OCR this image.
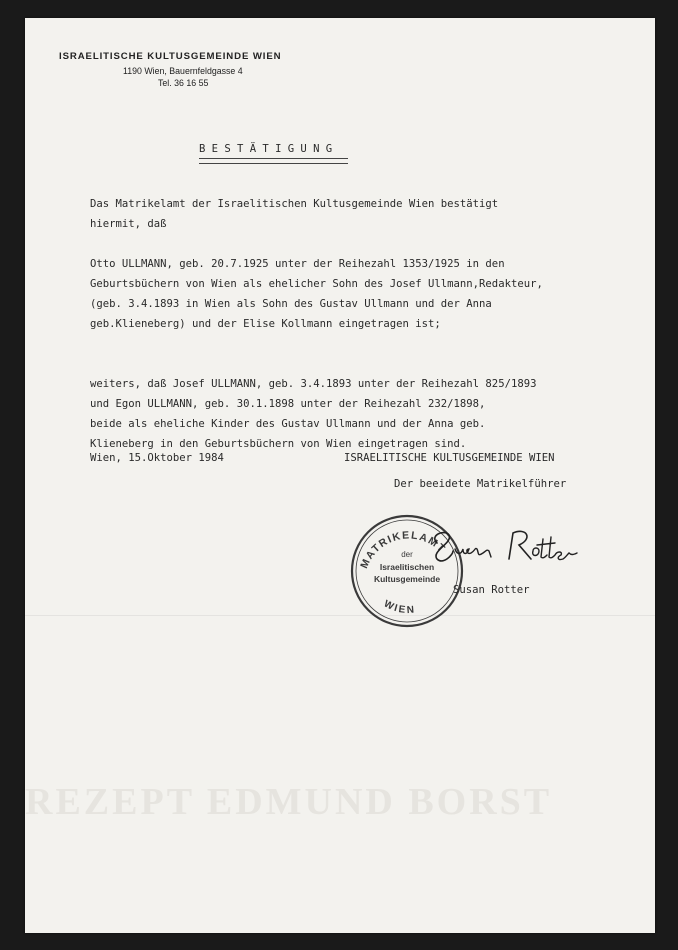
ISRAELITISCHE KULTUSGEMEINDE WIEN
1190 Wien, Bauernfeldgasse 4
Tel. 36 16 55
BESTÄTIGUNG
Das Matrikelamt der Israelitischen Kultusgemeinde Wien bestätigt
hiermit, daß
Otto ULLMANN, geb. 20.7.1925 unter der Reihezahl 1353/1925 in den
Geburtsbüchern von Wien als ehelicher Sohn des Josef Ullmann,Redakteur,
(geb. 3.4.1893 in Wien als Sohn des Gustav Ullmann und der Anna
geb.Klieneberg) und der Elise Kollmann eingetragen ist;
weiters, daß Josef ULLMANN, geb. 3.4.1893 unter der Reihezahl 825/1893
und Egon ULLMANN, geb. 30.1.1898 unter der Reihezahl 232/1898,
beide als eheliche Kinder des Gustav Ullmann und der Anna geb.
Klieneberg in den Geburtsbüchern von Wien eingetragen sind.
Wien, 15.Oktober 1984	ISRAELITISCHE KULTUSGEMEINDE WIEN
Der beeidete Matrikelführer
MATRIKELAMT
der
Israelitischen
Kultusgemeinde
WIEN
Susan Rotter
REZEPT EDMUND BORST
